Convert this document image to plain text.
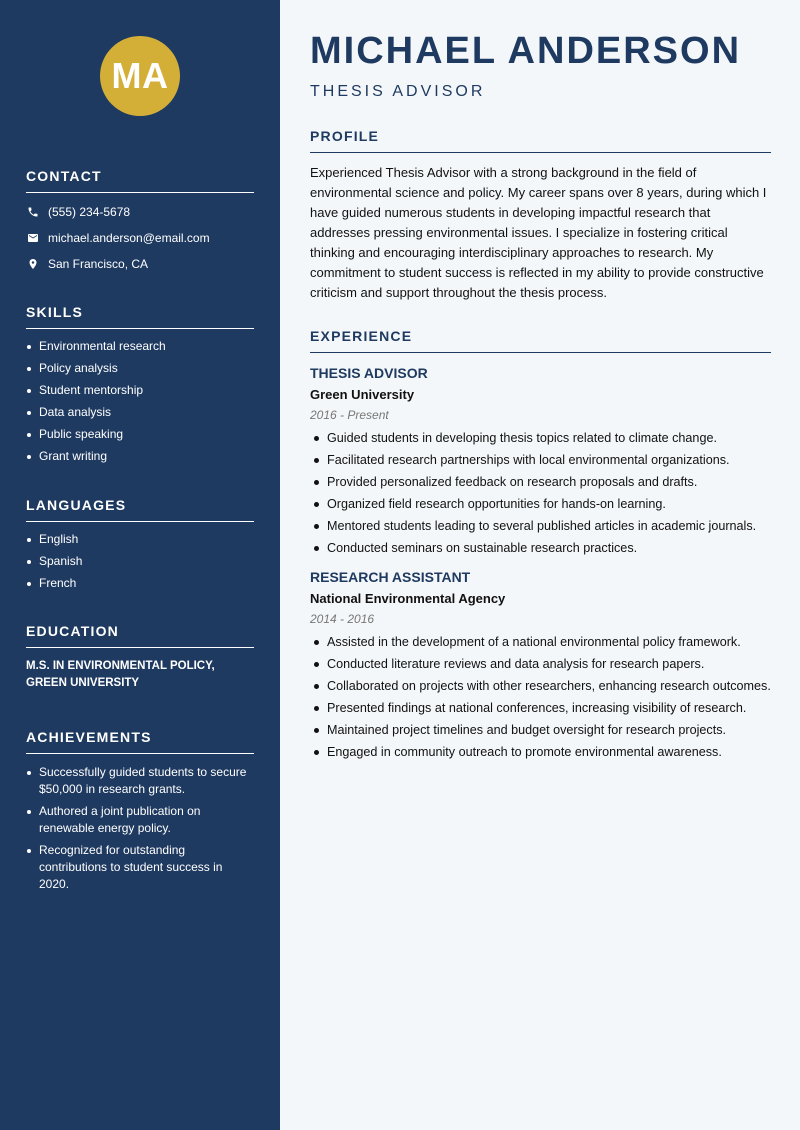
MA
CONTACT
(555) 234-5678
michael.anderson@email.com
San Francisco, CA
SKILLS
Environmental research
Policy analysis
Student mentorship
Data analysis
Public speaking
Grant writing
LANGUAGES
English
Spanish
French
EDUCATION
M.S. IN ENVIRONMENTAL POLICY, GREEN UNIVERSITY
ACHIEVEMENTS
Successfully guided students to secure $50,000 in research grants.
Authored a joint publication on renewable energy policy.
Recognized for outstanding contributions to student success in 2020.
MICHAEL ANDERSON
THESIS ADVISOR
PROFILE
Experienced Thesis Advisor with a strong background in the field of environmental science and policy. My career spans over 8 years, during which I have guided numerous students in developing impactful research that addresses pressing environmental issues. I specialize in fostering critical thinking and encouraging interdisciplinary approaches to research. My commitment to student success is reflected in my ability to provide constructive criticism and support throughout the thesis process.
EXPERIENCE
THESIS ADVISOR
Green University
2016 - Present
Guided students in developing thesis topics related to climate change.
Facilitated research partnerships with local environmental organizations.
Provided personalized feedback on research proposals and drafts.
Organized field research opportunities for hands-on learning.
Mentored students leading to several published articles in academic journals.
Conducted seminars on sustainable research practices.
RESEARCH ASSISTANT
National Environmental Agency
2014 - 2016
Assisted in the development of a national environmental policy framework.
Conducted literature reviews and data analysis for research papers.
Collaborated on projects with other researchers, enhancing research outcomes.
Presented findings at national conferences, increasing visibility of research.
Maintained project timelines and budget oversight for research projects.
Engaged in community outreach to promote environmental awareness.
